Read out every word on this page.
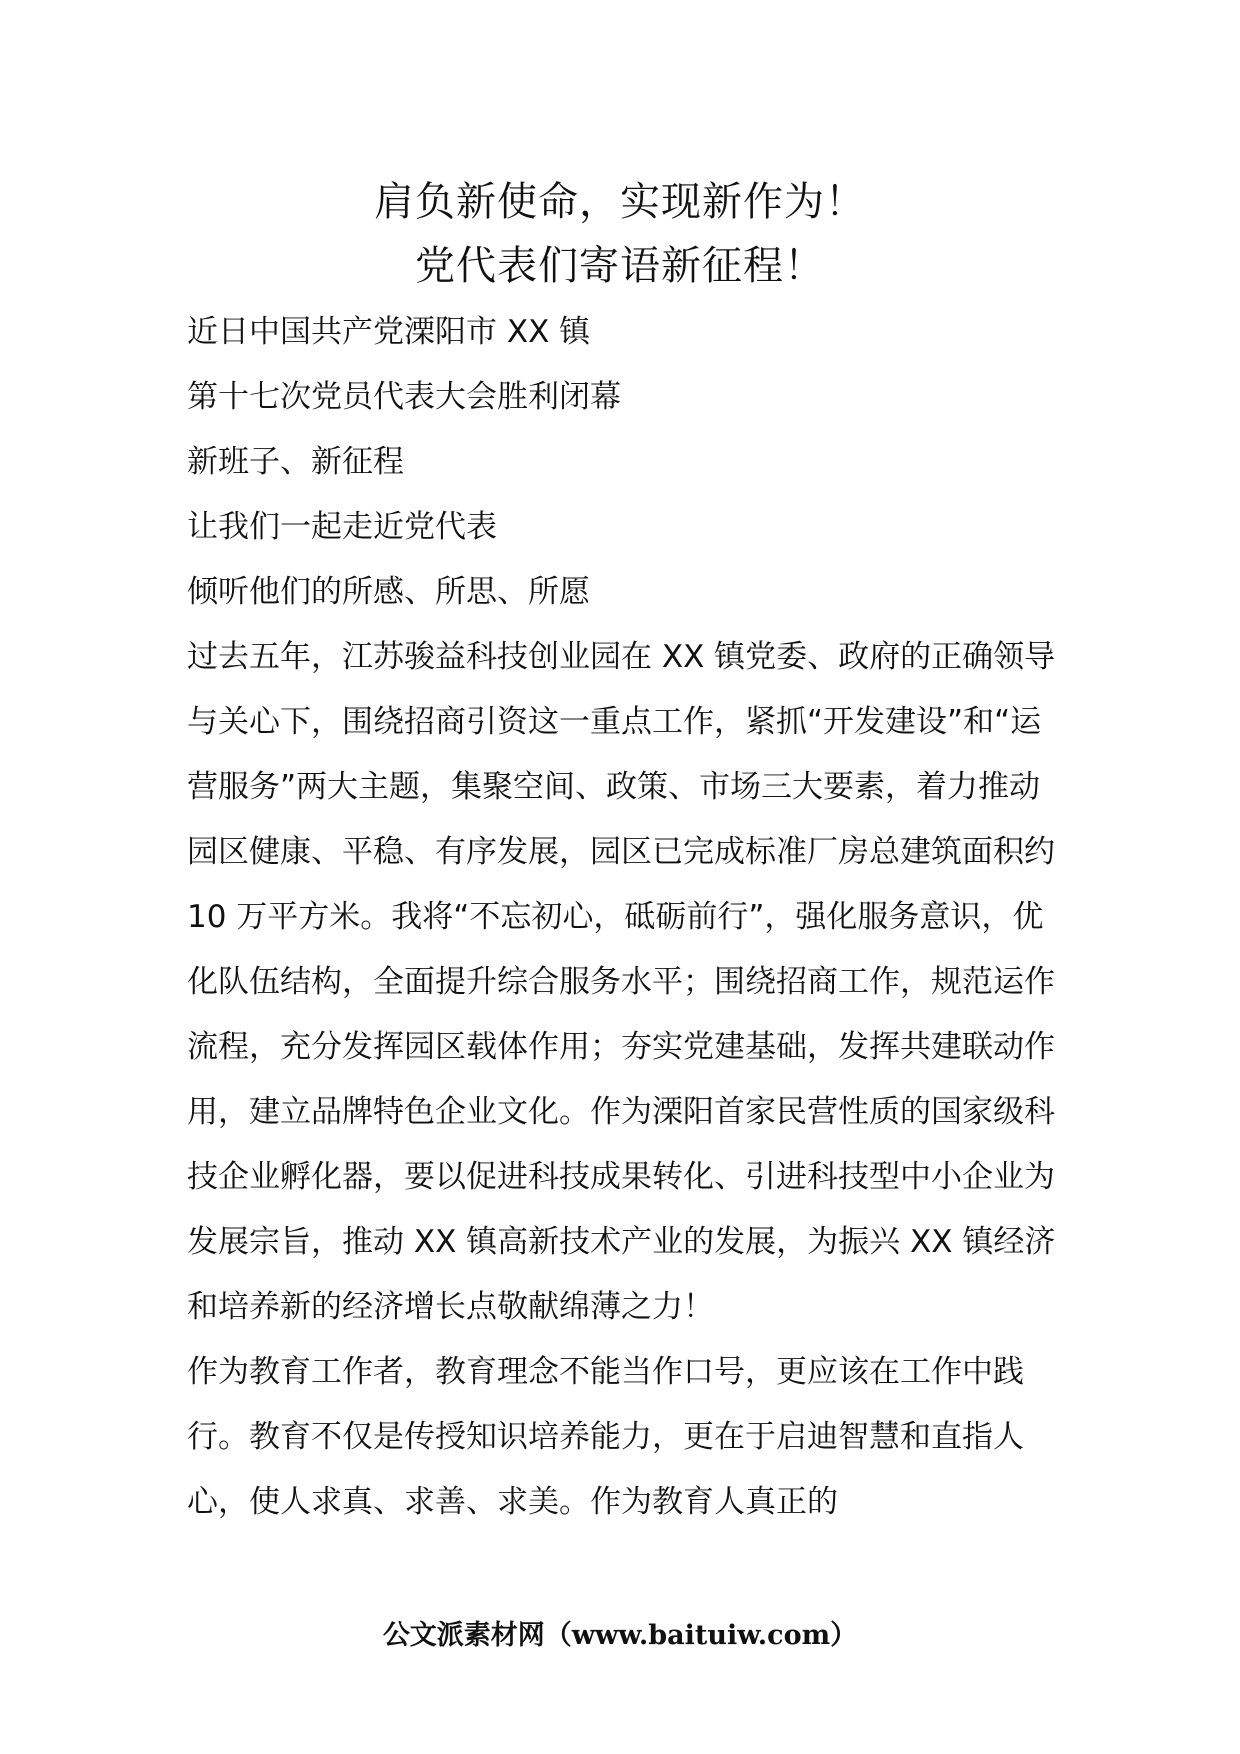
肩负新使命，实现新作为！
党代表们寄语新征程！

近日中国共产党溧阳市 XX 镇

第十七次党员代表大会胜利闭幕

新班子、新征程

让我们一起走近党代表

倾听他们的所感、所思、所愿

过去五年，江苏骏益科技创业园在 XX 镇党委、政府的正确领导与关心下，围绕招商引资这一重点工作，紧抓“开发建设”和“运营服务”两大主题，集聚空间、政策、市场三大要素，着力推动园区健康、平稳、有序发展，园区已完成标准厂房总建筑面积约 10 万平方米。我将“不忘初心，砥砺前行”，强化服务意识，优化队伍结构，全面提升综合服务水平；围绕招商工作，规范运作流程，充分发挥园区载体作用；夯实党建基础，发挥共建联动作用，建立品牌特色企业文化。作为溧阳首家民营性质的国家级科技企业孵化器，要以促进科技成果转化、引进科技型中小企业为发展宗旨，推动 XX 镇高新技术产业的发展，为振兴 XX 镇经济和培养新的经济增长点敬献绵薄之力！

作为教育工作者，教育理念不能当作口号，更应该在工作中践行。教育不仅是传授知识培养能力，更在于启迪智慧和直指人心，使人求真、求善、求美。作为教育人真正的

公文派素材网（www.baituiw.com）
